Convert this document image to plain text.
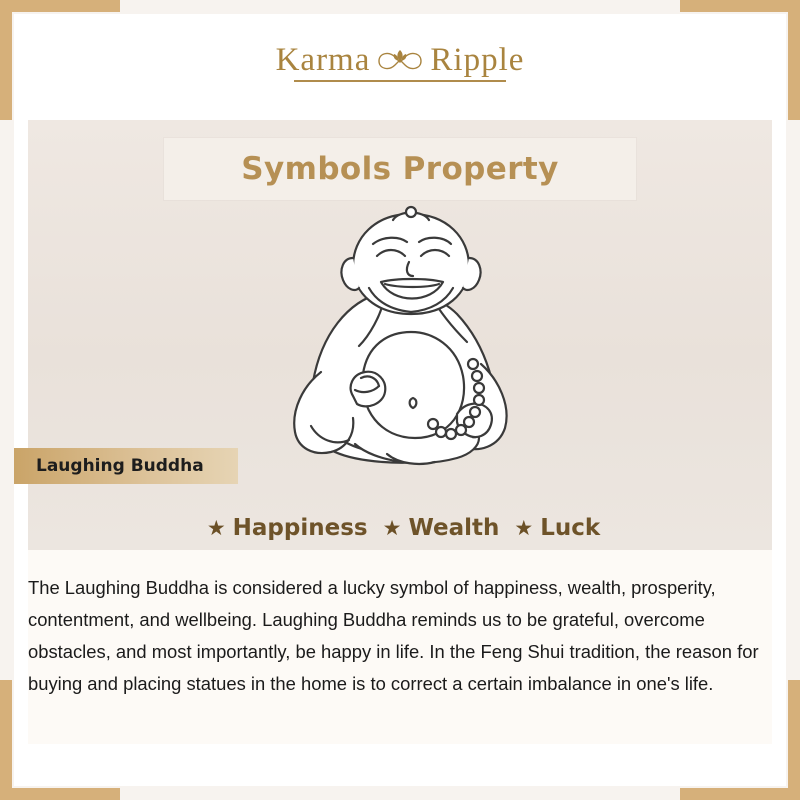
Karma Ripple
Symbols Property
Laughing Buddha
★ Happiness ★ Wealth ★ Luck

The Laughing Buddha is considered a lucky symbol of happiness, wealth, prosperity, contentment, and wellbeing. Laughing Buddha reminds us to be grateful, overcome obstacles, and most importantly, be happy in life. In the Feng Shui tradition, the reason for buying and placing statues in the home is to correct a certain imbalance in one's life.
